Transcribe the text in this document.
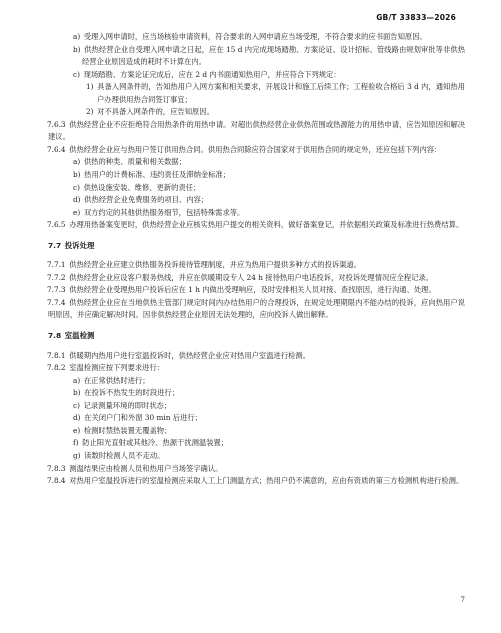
GB/T 33833—2026

a) 受理入网申请时，应当场核验申请资料，符合要求的入网申请应当场受理，不符合要求的应书面告知原因。

b) 供热经营企业自受理入网申请之日起，应在 15 d 内完成现场踏勘、方案论证、设计招标、管线路由规划审批等非供热经营企业原因造成的耗时不计算在内。

c) 现场踏勘、方案论证完成后，应在 2 d 内书面通知热用户，并应符合下列规定：

1) 具备入网条件的，告知热用户入网方案和相关要求，开展设计和施工后续工作；工程验收合格后 3 d 内，通知热用户办理供用热合同签订事宜；

2) 对不具备入网条件的，应告知原因。

7.6.3 供热经营企业不应拒绝符合用热条件的用热申请。对超出供热经营企业供热范围或热源能力的用热申请，应告知原因和解决建议。

7.6.4 供热经营企业应与热用户签订供用热合同。供用热合同除应符合国家对于供用热合同的规定外，还应包括下列内容：

a) 供热的种类、质量和相关数据；

b) 热用户的计费标准、违约责任及滞纳金标准；

c) 供热设施安装、维修、更新的责任；

d) 供热经营企业免费服务的项目、内容；

e) 双方约定的其他供热服务细节，包括特殊需求等。

7.6.5 办理用热备案变更时，供热经营企业应核实热用户提交的相关资料，做好备案登记，并依据相关政策及标准进行热费结算。

7.7 投诉处理

7.7.1 供热经营企业应建立供热服务投诉接待管理制度，并应为热用户提供多种方式的投诉渠道。

7.7.2 供热经营企业应设客户服务热线，并应在供暖期设专人 24 h 接待热用户电话投诉，对投诉处理情况应全程记录。

7.7.3 供热经营企业受理热用户投诉后应在 1 h 内做出受理响应，及时安排相关人员对接、查找原因，进行沟通、处理。

7.7.4 供热经营企业应在当地供热主管部门规定时间内办结热用户的合理投诉，在规定处理期限内不能办结的投诉，应向热用户说明原因，并应确定解决时间。因非供热经营企业原因无法处理的，应向投诉人做出解释。

7.8 室温检测

7.8.1 供暖期内热用户进行室温投诉时，供热经营企业应对热用户室温进行检测。

7.8.2 室温检测应按下列要求进行：

a) 在正常供热时进行；

b) 在投诉不热发生的时段进行；

c) 记录测量环境的即时状态；

d) 在关闭户门和外窗 30 min 后进行；

e) 检测时禁热装置无覆盖物；

f) 防止阳光直射或其他冷、热源干扰测温装置；

g) 读数时检测人员不走动。

7.8.3 测温结果应由检测人员和热用户当场签字确认。

7.8.4 对热用户室温投诉进行的室温检测应采取人工上门测温方式；热用户仍不满意的，应由有资质的第三方检测机构进行检测。

7
